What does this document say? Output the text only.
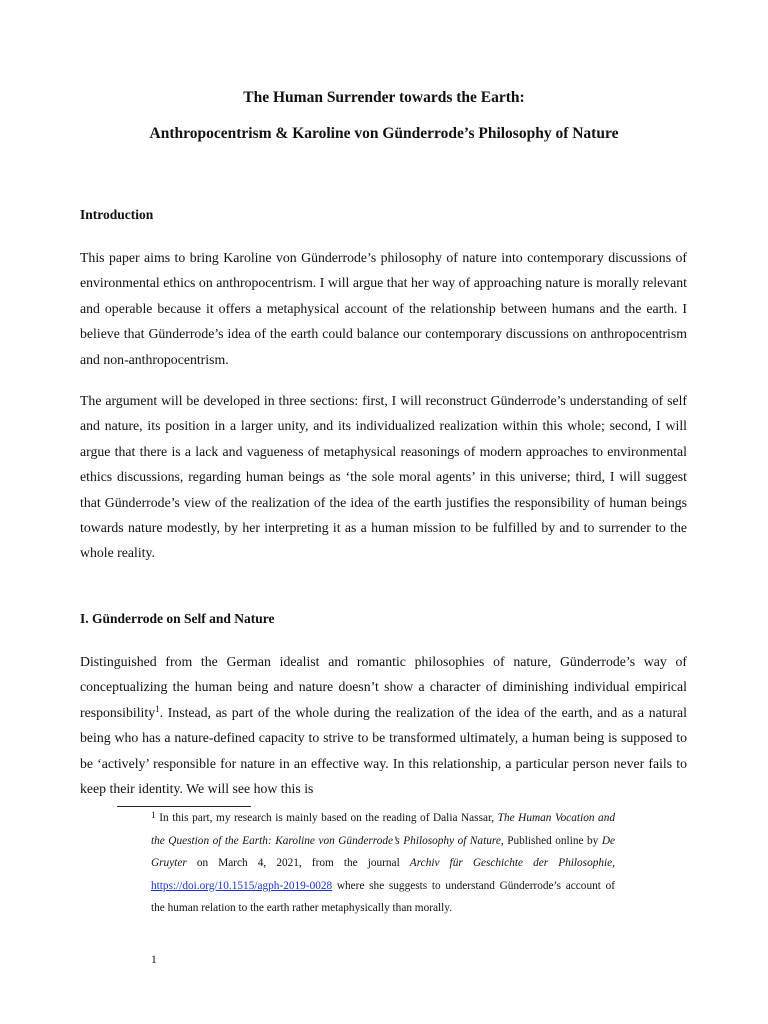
The Human Surrender towards the Earth:
Anthropocentrism & Karoline von Günderrode’s Philosophy of Nature
Introduction

This paper aims to bring Karoline von Günderrode’s philosophy of nature into contemporary discussions of environmental ethics on anthropocentrism. I will argue that her way of approaching nature is morally relevant and operable because it offers a metaphysical account of the relationship between humans and the earth. I believe that Günderrode’s idea of the earth could balance our contemporary discussions on anthropocentrism and non-anthropocentrism.

The argument will be developed in three sections: first, I will reconstruct Günderrode’s understanding of self and nature, its position in a larger unity, and its individualized realization within this whole; second, I will argue that there is a lack and vagueness of metaphysical reasonings of modern approaches to environmental ethics discussions, regarding human beings as ‘the sole moral agents’ in this universe; third, I will suggest that Günderrode’s view of the realization of the idea of the earth justifies the responsibility of human beings towards nature modestly, by her interpreting it as a human mission to be fulfilled by and to surrender to the whole reality.

I. Günderrode on Self and Nature

Distinguished from the German idealist and romantic philosophies of nature, Günderrode’s way of conceptualizing the human being and nature doesn’t show a character of diminishing individual empirical responsibility$^1$. Instead, as part of the whole during the realization of the idea of the earth, and as a natural being who has a nature-defined capacity to strive to be transformed ultimately, a human being is supposed to be ‘actively’ responsible for nature in an effective way. In this relationship, a particular person never fails to keep their identity. We will see how this is

$^1$ In this part, my research is mainly based on the reading of Dalia Nassar, The Human Vocation and the Question of the Earth: Karoline von Günderrode’s Philosophy of Nature, Published online by De Gruyter on March 4, 2021, from the journal Archiv für Geschichte der Philosophie, https://doi.org/10.1515/agph-2019-0028 where she suggests to understand Günderrode’s account of the human relation to the earth rather metaphysically than morally.

1
